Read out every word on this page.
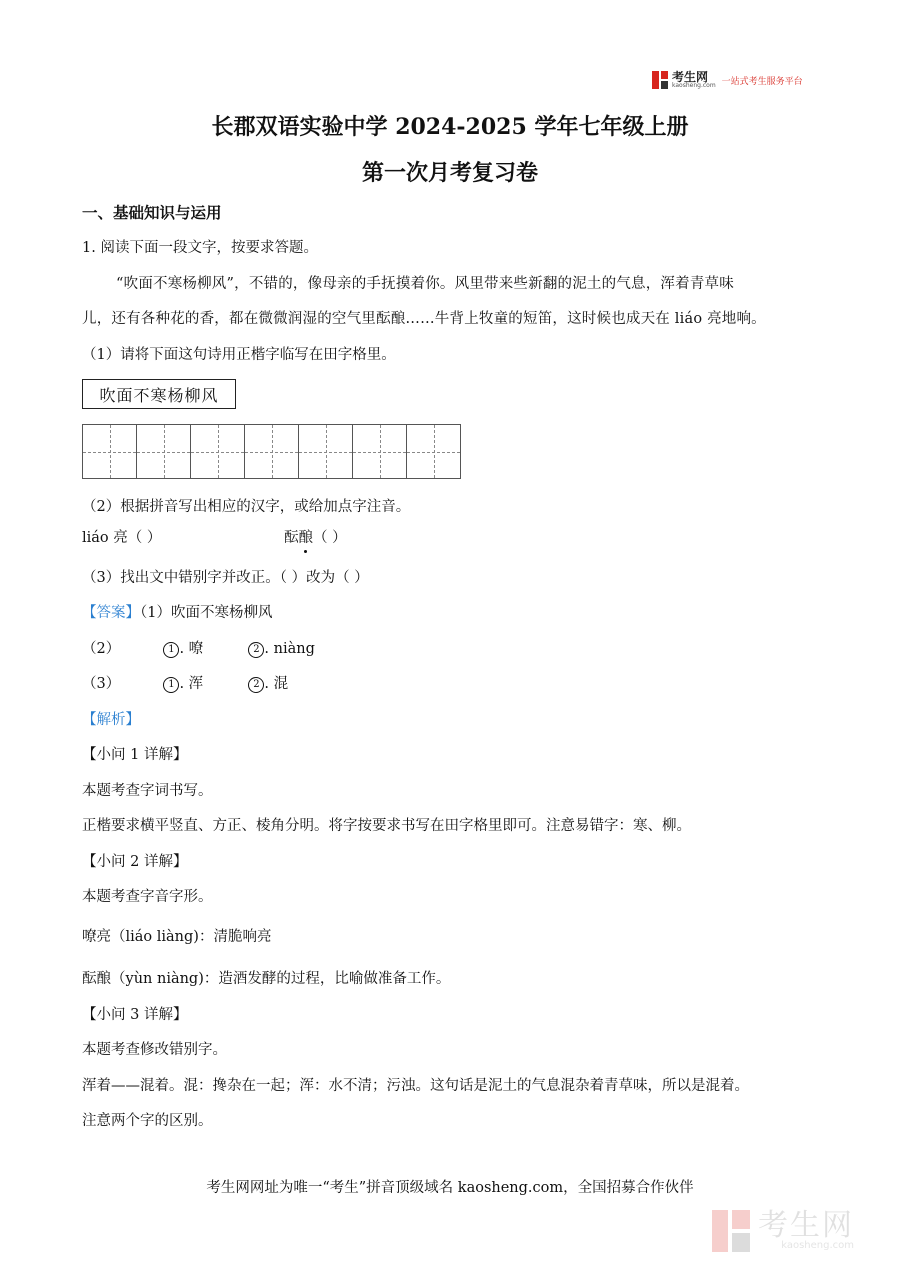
考生网
kaosheng.com 一站式考生服务平台
长郡双语实验中学 2024-2025 学年七年级上册
第一次月考复习卷
一、基础知识与运用
1. 阅读下面一段文字，按要求答题。
“吹面不寒杨柳风”，不错的，像母亲的手抚摸着你。风里带来些新翻的泥土的气息，浑着青草味
儿，还有各种花的香，都在微微润湿的空气里酝酿……牛背上牧童的短笛，这时候也成天在 liáo 亮地响。
（1）请将下面这句诗用正楷字临写在田字格里。
吹面不寒杨柳风
（2）根据拼音写出相应的汉字，或给加点字注音。
liáo 亮（ ）	酝酿（ ）
（3）找出文中错别字并改正。（ ）改为（ ）
【答案】（1）吹面不寒杨柳风
（2）	1 . 嘹	2 . niàng
（3）	1 . 浑	2 . 混
【解析】
【小问 1 详解】
本题考查字词书写。
正楷要求横平竖直、方正、棱角分明。将字按要求书写在田字格里即可。注意易错字：寒、柳。
【小问 2 详解】
本题考查字音字形。
嘹亮（liáo liàng)：清脆响亮
酝酿（yùn niàng)：造酒发酵的过程，比喻做准备工作。
【小问 3 详解】
本题考查修改错别字。
浑着——混着。混：搀杂在一起；浑：水不清；污浊。这句话是泥土的气息混杂着青草味，所以是混着。
注意两个字的区别。
考生网网址为唯一“考生”拼音顶级域名 kaosheng.com，全国招募合作伙伴
考生网
kaosheng.com
